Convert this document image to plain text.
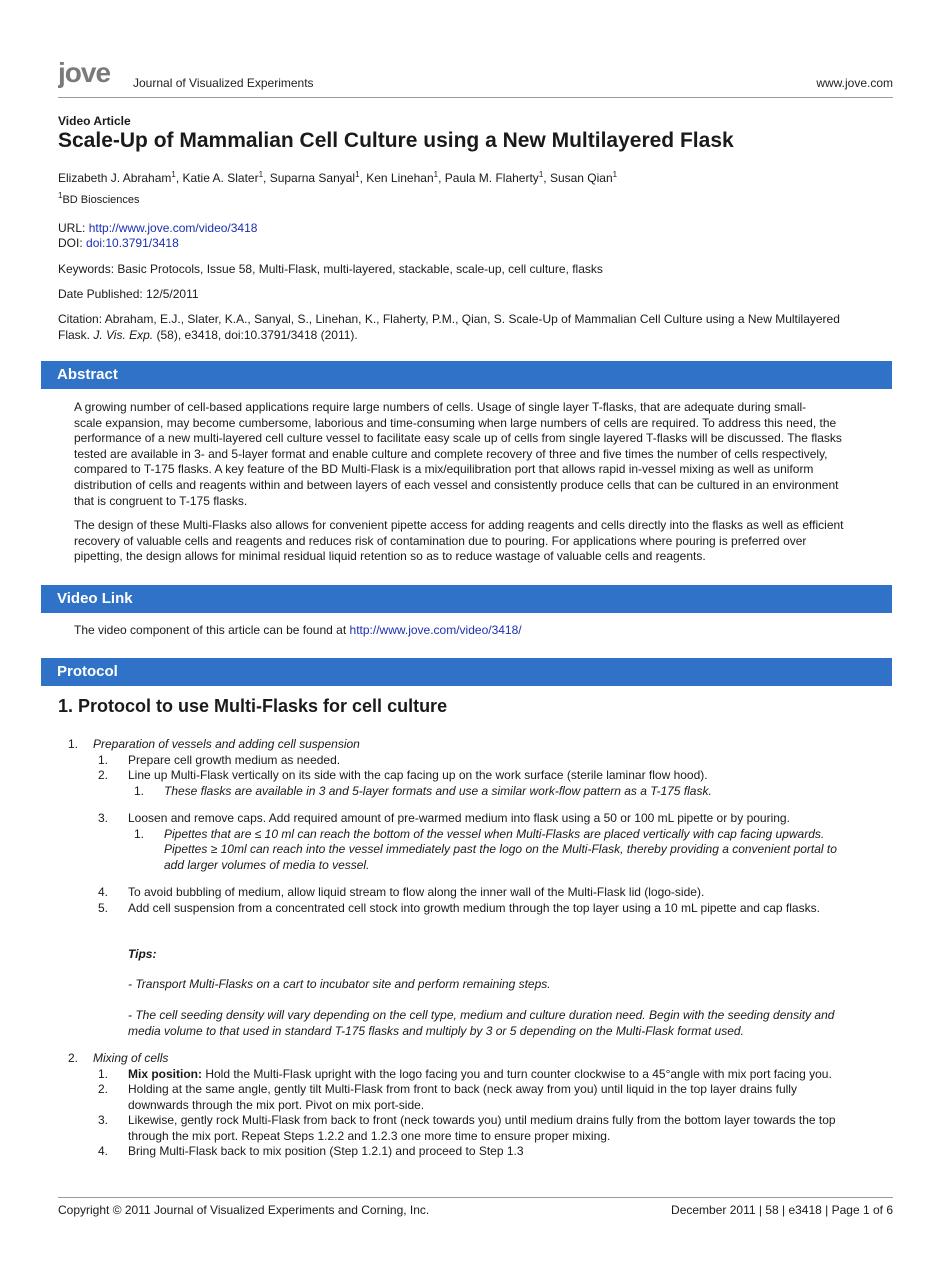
jove Journal of Visualized Experiments	www.jove.com
Video Article
Scale-Up of Mammalian Cell Culture using a New Multilayered Flask
Elizabeth J. Abraham$^1$, Katie A. Slater$^1$, Suparna Sanyal$^1$, Ken Linehan$^1$, Paula M. Flaherty$^1$, Susan Qian$^1$
$^1$BD Biosciences
URL: http://www.jove.com/video/3418
DOI: doi:10.3791/3418
Keywords: Basic Protocols, Issue 58, Multi-Flask, multi-layered, stackable, scale-up, cell culture, flasks
Date Published: 12/5/2011
Citation: Abraham, E.J., Slater, K.A., Sanyal, S., Linehan, K., Flaherty, P.M., Qian, S. Scale-Up of Mammalian Cell Culture using a New Multilayered
Flask. J. Vis. Exp. (58), e3418, doi:10.3791/3418 (2011).
Abstract
A growing number of cell-based applications require large numbers of cells. Usage of single layer T-flasks, that are adequate during small-
scale expansion, may become cumbersome, laborious and time-consuming when large numbers of cells are required. To address this need, the
performance of a new multi-layered cell culture vessel to facilitate easy scale up of cells from single layered T-flasks will be discussed. The flasks
tested are available in 3- and 5-layer format and enable culture and complete recovery of three and five times the number of cells respectively,
compared to T-175 flasks. A key feature of the BD Multi-Flask is a mix/equilibration port that allows rapid in-vessel mixing as well as uniform
distribution of cells and reagents within and between layers of each vessel and consistently produce cells that can be cultured in an environment
that is congruent to T-175 flasks.
The design of these Multi-Flasks also allows for convenient pipette access for adding reagents and cells directly into the flasks as well as efficient
recovery of valuable cells and reagents and reduces risk of contamination due to pouring. For applications where pouring is preferred over
pipetting, the design allows for minimal residual liquid retention so as to reduce wastage of valuable cells and reagents.
Video Link
The video component of this article can be found at http://www.jove.com/video/3418/
Protocol
1. Protocol to use Multi-Flasks for cell culture
1. Preparation of vessels and adding cell suspension
1. Prepare cell growth medium as needed.
2. Line up Multi-Flask vertically on its side with the cap facing up on the work surface (sterile laminar flow hood).
1. These flasks are available in 3 and 5-layer formats and use a similar work-flow pattern as a T-175 flask.
3. Loosen and remove caps. Add required amount of pre-warmed medium into flask using a 50 or 100 mL pipette or by pouring.
1. Pipettes that are ≤ 10 ml can reach the bottom of the vessel when Multi-Flasks are placed vertically with cap facing upwards.
Pipettes ≥ 10ml can reach into the vessel immediately past the logo on the Multi-Flask, thereby providing a convenient portal to
add larger volumes of media to vessel.
4. To avoid bubbling of medium, allow liquid stream to flow along the inner wall of the Multi-Flask lid (logo-side).
5. Add cell suspension from a concentrated cell stock into growth medium through the top layer using a 10 mL pipette and cap flasks.
Tips:
- Transport Multi-Flasks on a cart to incubator site and perform remaining steps.
- The cell seeding density will vary depending on the cell type, medium and culture duration need. Begin with the seeding density and
media volume to that used in standard T-175 flasks and multiply by 3 or 5 depending on the Multi-Flask format used.
2. Mixing of cells
1. Mix position: Hold the Multi-Flask upright with the logo facing you and turn counter clockwise to a 45°angle with mix port facing you.
2. Holding at the same angle, gently tilt Multi-Flask from front to back (neck away from you) until liquid in the top layer drains fully
downwards through the mix port. Pivot on mix port-side.
3. Likewise, gently rock Multi-Flask from back to front (neck towards you) until medium drains fully from the bottom layer towards the top
through the mix port. Repeat Steps 1.2.2 and 1.2.3 one more time to ensure proper mixing.
4. Bring Multi-Flask back to mix position (Step 1.2.1) and proceed to Step 1.3
Copyright © 2011 Journal of Visualized Experiments and Corning, Inc.	December 2011 | 58 | e3418 | Page 1 of 6
